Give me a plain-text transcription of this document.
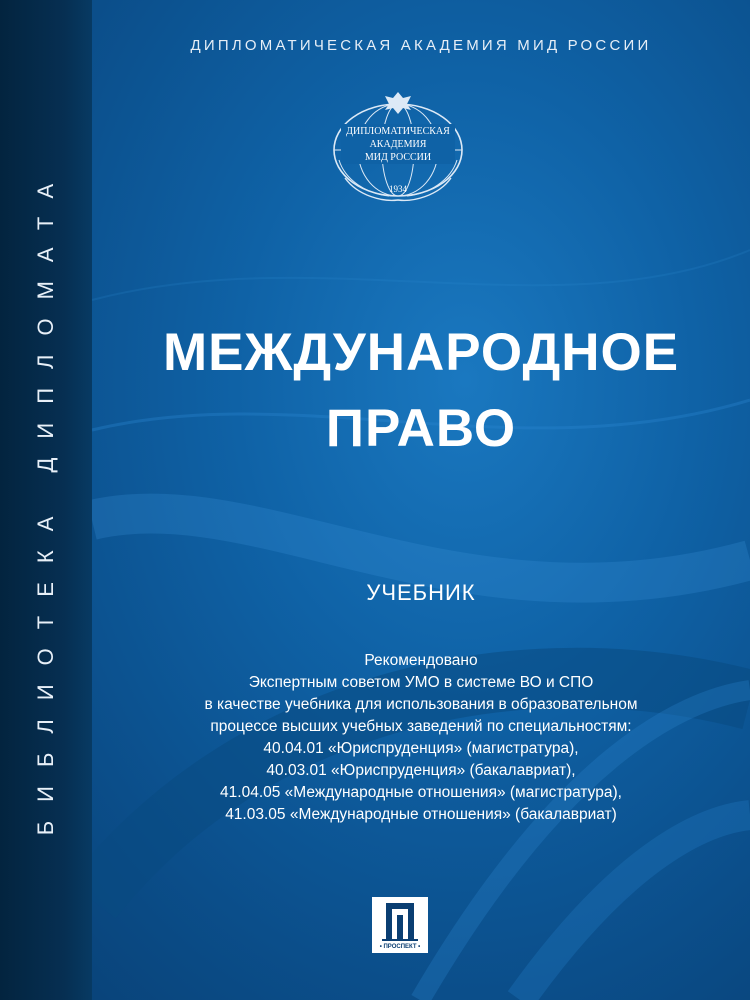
БИБЛИОТЕКА ДИПЛОМАТА
ДИПЛОМАТИЧЕСКАЯ АКАДЕМИЯ МИД РОССИИ
ДИПЛОМАТИЧЕСКАЯ
АКАДЕМИЯ
МИД РОССИИ
1934
МЕЖДУНАРОДНОЕ
ПРАВО
УЧЕБНИК
Рекомендовано
Экспертным советом УМО в системе ВО и СПО
в качестве учебника для использования в образовательном
процессе высших учебных заведений по специальностям:
40.04.01 «Юриспруденция» (магистратура),
40.03.01 «Юриспруденция» (бакалавриат),
41.04.05 «Международные отношения» (магистратура),
41.03.05 «Международные отношения» (бакалавриат)
• ПРОСПЕКТ •
